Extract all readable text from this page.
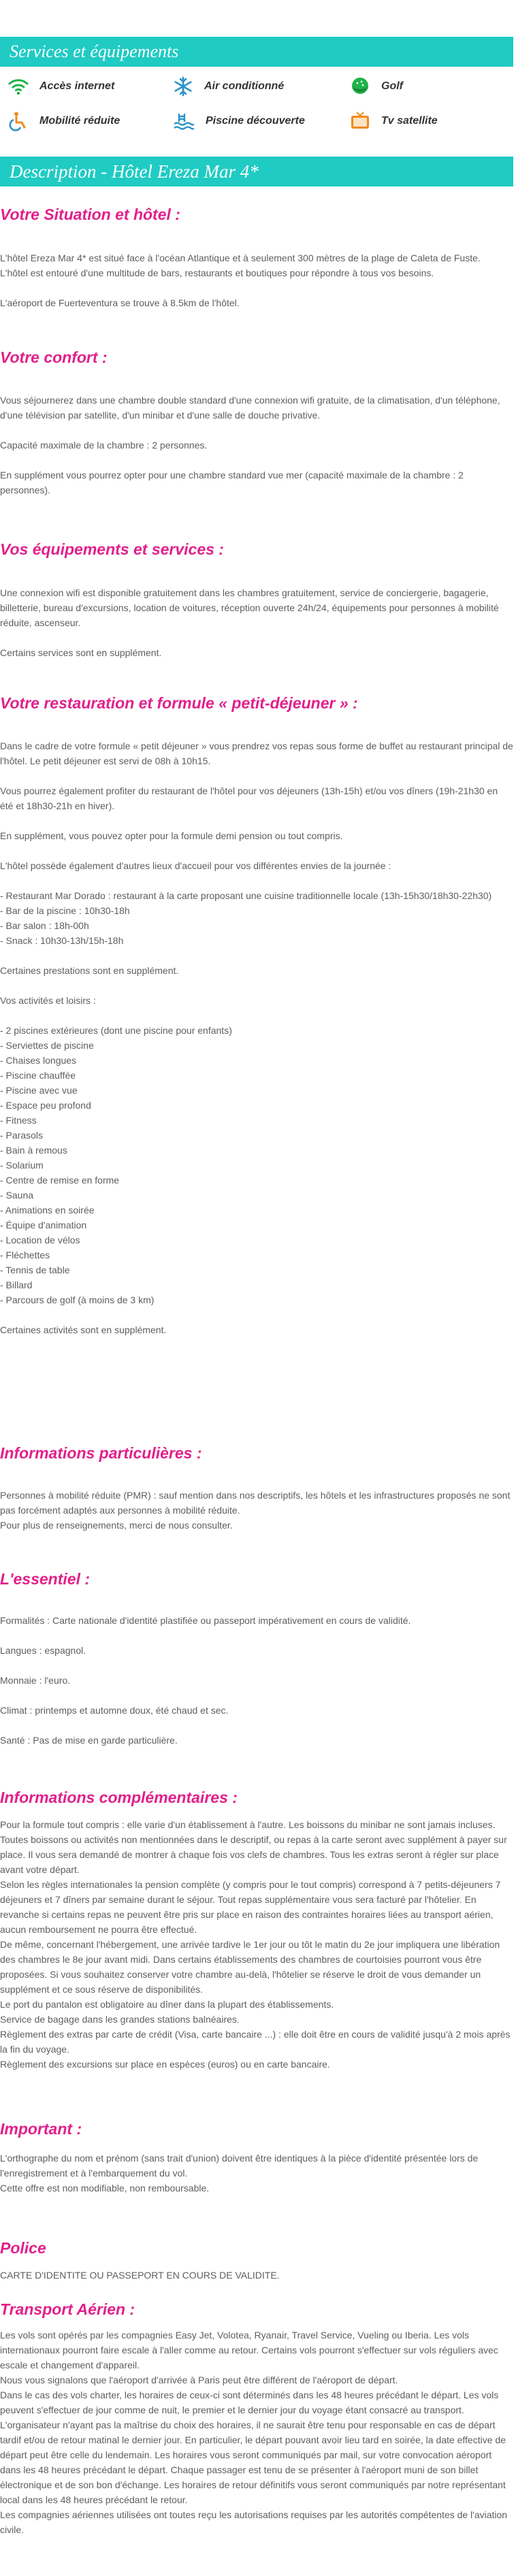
Services et équipements
Accès internet	Air conditionné	Golf
Mobilité réduite	Piscine découverte	Tv satellite
Description - Hôtel Ereza Mar 4*
Votre Situation et hôtel :

L'hôtel Ereza Mar 4* est situé face à l'océan Atlantique et à seulement 300 mètres de la plage de Caleta de Fuste.
L'hôtel est entouré d'une multitude de bars, restaurants et boutiques pour répondre à tous vos besoins.

L'aéroport de Fuerteventura se trouve à 8.5km de l'hôtel.

Votre confort :

Vous séjournerez dans une chambre double standard d'une connexion wifi gratuite, de la climatisation, d'un téléphone, d'une télévision par satellite, d'un minibar et d'une salle de douche privative.

Capacité maximale de la chambre : 2 personnes.

En supplément vous pourrez opter pour une chambre standard vue mer (capacité maximale de la chambre : 2 personnes).

Vos équipements et services :

Une connexion wifi est disponible gratuitement dans les chambres gratuitement, service de conciergerie, bagagerie, billetterie, bureau d'excursions, location de voitures, réception ouverte 24h/24, équipements pour personnes à mobilité réduite, ascenseur.

Certains services sont en supplément.

Votre restauration et formule « petit-déjeuner » :

Dans le cadre de votre formule « petit déjeuner » vous prendrez vos repas sous forme de buffet au restaurant principal de l'hôtel. Le petit déjeuner est servi de 08h à 10h15.

Vous pourrez également profiter du restaurant de l'hôtel pour vos déjeuners (13h-15h) et/ou vos dîners (19h-21h30 en été et 18h30-21h en hiver).

En supplément, vous pouvez opter pour la formule demi pension ou tout compris.

L'hôtel possède également d'autres lieux d'accueil pour vos différentes envies de la journée :

- Restaurant Mar Dorado : restaurant à la carte proposant une cuisine traditionnelle locale (13h-15h30/18h30-22h30)
- Bar de la piscine : 10h30-18h
- Bar salon : 18h-00h
- Snack : 10h30-13h/15h-18h

Certaines prestations sont en supplément.

Vos activités et loisirs :

- 2 piscines extérieures (dont une piscine pour enfants)
- Serviettes de piscine
- Chaises longues
- Piscine chauffée
- Piscine avec vue
- Espace peu profond
- Fitness
- Parasols
- Bain à remous
- Solarium
- Centre de remise en forme
- Sauna
- Animations en soirée
- Équipe d'animation
- Location de vélos
- Fléchettes
- Tennis de table
- Billard
- Parcours de golf (à moins de 3 km)

Certaines activités sont en supplément.

Informations particulières :

Personnes à mobilité réduite (PMR) : sauf mention dans nos descriptifs, les hôtels et les infrastructures proposés ne sont pas forcément adaptés aux personnes à mobilité réduite.
Pour plus de renseignements, merci de nous consulter.

L'essentiel :

Formalités : Carte nationale d'identité plastifiée ou passeport impérativement en cours de validité.

Langues : espagnol.

Monnaie : l'euro.

Climat : printemps et automne doux, été chaud et sec.

Santé : Pas de mise en garde particulière.

Informations complémentaires :

Pour la formule tout compris : elle varie d'un établissement à l'autre. Les boissons du minibar ne sont jamais incluses. Toutes boissons ou activités non mentionnées dans le descriptif, ou repas à la carte seront avec supplément à payer sur place. Il vous sera demandé de montrer à chaque fois vos clefs de chambres. Tous les extras seront à régler sur place avant votre départ.
Selon les règles internationales la pension complète (y compris pour le tout compris) correspond à 7 petits-déjeuners 7 déjeuners et 7 dîners par semaine durant le séjour. Tout repas supplémentaire vous sera facturé par l'hôtelier. En revanche si certains repas ne peuvent être pris sur place en raison des contraintes horaires liées au transport aérien, aucun remboursement ne pourra être effectué.
De même, concernant l'hébergement, une arrivée tardive le 1er jour ou tôt le matin du 2e jour impliquera une libération des chambres le 8e jour avant midi. Dans certains établissements des chambres de courtoisies pourront vous être proposées. Si vous souhaitez conserver votre chambre au-delà, l'hôtelier se réserve le droit de vous demander un supplément et ce sous réserve de disponibilités.
Le port du pantalon est obligatoire au dîner dans la plupart des établissements.
Service de bagage dans les grandes stations balnéaires.
Règlement des extras par carte de crédit (Visa, carte bancaire ...) : elle doit être en cours de validité jusqu'à 2 mois après la fin du voyage.
Règlement des excursions sur place en espèces (euros) ou en carte bancaire.

Important :

L'orthographe du nom et prénom (sans trait d'union) doivent être identiques à la pièce d'identité présentée lors de l'enregistrement et à l'embarquement du vol.
Cette offre est non modifiable, non remboursable.

Police

CARTE D'IDENTITE OU PASSEPORT EN COURS DE VALIDITE.

Transport Aérien :

Les vols sont opérés par les compagnies Easy Jet, Volotea, Ryanair, Travel Service, Vueling ou Iberia. Les vols internationaux pourront faire escale à l'aller comme au retour. Certains vols pourront s'effectuer sur vols réguliers avec escale et changement d'appareil.
Nous vous signalons que l'aéroport d'arrivée à Paris peut être différent de l'aéroport de départ.
Dans le cas des vols charter, les horaires de ceux-ci sont déterminés dans les 48 heures précédant le départ. Les vols peuvent s'effectuer de jour comme de nuit, le premier et le dernier jour du voyage étant consacré au transport. L'organisateur n'ayant pas la maîtrise du choix des horaires, il ne saurait être tenu pour responsable en cas de départ tardif et/ou de retour matinal le dernier jour. En particulier, le départ pouvant avoir lieu tard en soirée, la date effective de départ peut être celle du lendemain. Les horaires vous seront communiqués par mail, sur votre convocation aéroport dans les 48 heures précédant le départ. Chaque passager est tenu de se présenter à l'aéroport muni de son billet électronique et de son bon d'échange. Les horaires de retour définitifs vous seront communiqués par notre représentant local dans les 48 heures précédant le retour.
Les compagnies aériennes utilisées ont toutes reçu les autorisations requises par les autorités compétentes de l'aviation civile.
